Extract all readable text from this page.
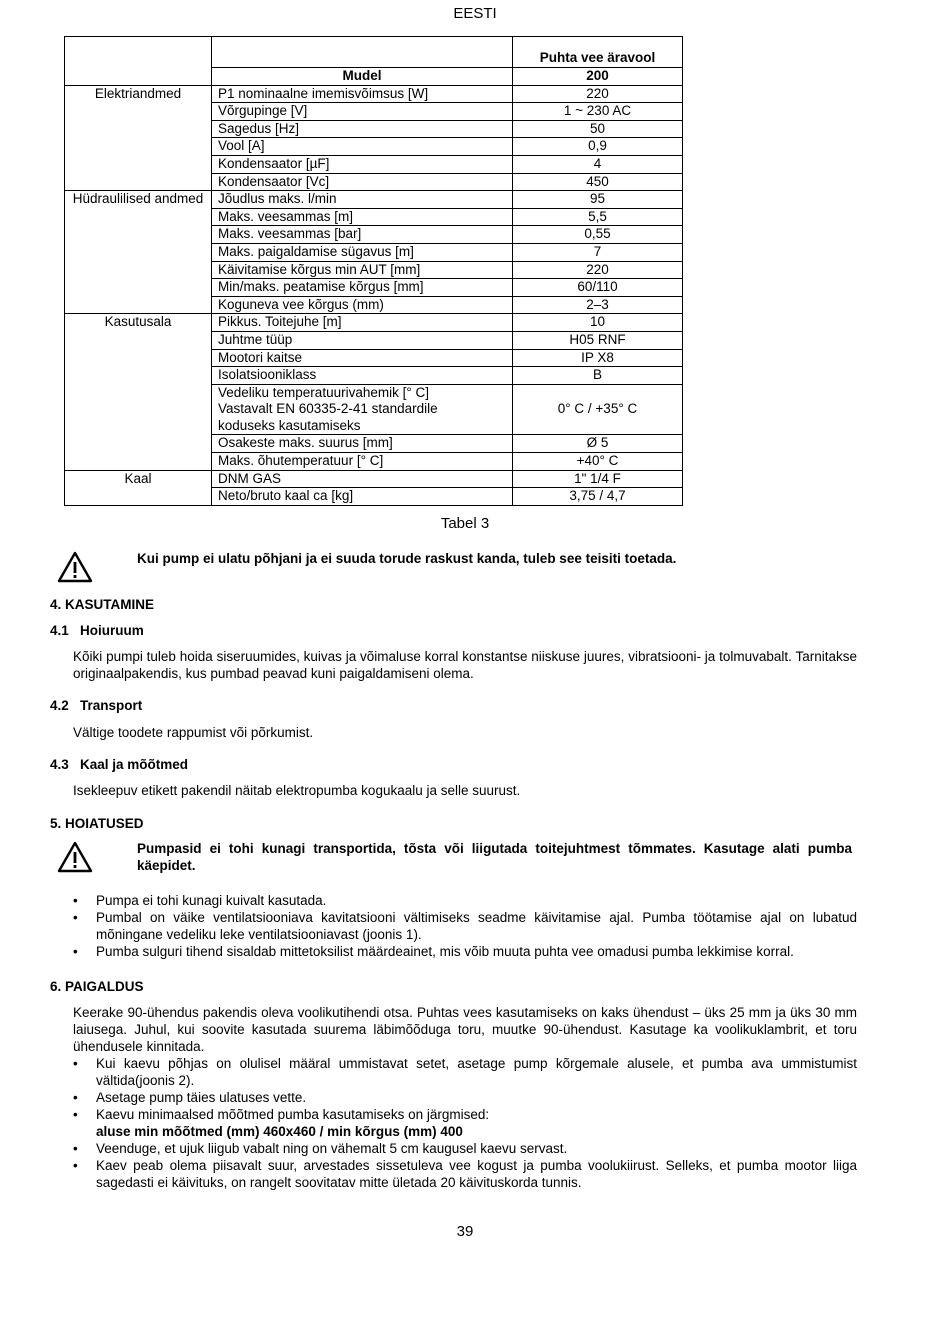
EESTI
		Puhta vee äravool
	Mudel	200
Elektriandmed	P1 nominaalne imemisvõimsus [W]	220
	Võrgupinge [V]	1 ~ 230 AC
	Sagedus [Hz]	50
	Vool [A]	0,9
	Kondensaator [µF]	4
	Kondensaator [Vc]	450
Hüdraulilised andmed	Jõudlus maks. l/min	95
	Maks. veesammas [m]	5,5
	Maks. veesammas [bar]	0,55
	Maks. paigaldamise sügavus [m]	7
	Käivitamise kõrgus min AUT [mm]	220
	Min/maks. peatamise kõrgus [mm]	60/110
	Koguneva vee kõrgus (mm)	2–3
Kasutusala	Pikkus. Toitejuhe [m]	10
	Juhtme tüüp	H05 RNF
	Mootori kaitse	IP X8
	Isolatsiooniklass	B
	Vedeliku temperatuurivahemik [° C]
Vastavalt EN 60335-2-41 standardile
koduseks kasutamiseks	0° C / +35° C
	Osakeste maks. suurus [mm]	Ø 5
	Maks. õhutemperatuur [° C]	+40° C
Kaal	DNM GAS	1" 1/4 F
	Neto/bruto kaal ca [kg]	3,75 / 4,7
Tabel 3
Kui pump ei ulatu põhjani ja ei suuda torude raskust kanda, tuleb see teisiti toetada.
4. KASUTAMINE
4.1   Hoiuruum
Kõiki pumpi tuleb hoida siseruumides, kuivas ja võimaluse korral konstantse niiskuse juures, vibratsiooni- ja tolmuvabalt. Tarnitakse originaalpakendis, kus pumbad peavad kuni paigaldamiseni olema.
4.2   Transport
Vältige toodete rappumist või põrkumist.
4.3   Kaal ja mõõtmed
Isekleepuv etikett pakendil näitab elektropumba kogukaalu ja selle suurust.
5. HOIATUSED
Pumpasid ei tohi kunagi transportida, tõsta või liigutada toitejuhtmest tõmmates. Kasutage alati pumba käepidet.
• Pumpa ei tohi kunagi kuivalt kasutada.
• Pumbal on väike ventilatsiooniava kavitatsiooni vältimiseks seadme käivitamise ajal. Pumba töötamise ajal on lubatud mõningane vedeliku leke ventilatsiooniavast (joonis 1).
• Pumba sulguri tihend sisaldab mittetoksilist määrdeainet, mis võib muuta puhta vee omadusi pumba lekkimise korral.
6. PAIGALDUS
Keerake 90-ühendus pakendis oleva voolikutihendi otsa. Puhtas vees kasutamiseks on kaks ühendust – üks 25 mm ja üks 30 mm laiusega. Juhul, kui soovite kasutada suurema läbimõõduga toru, muutke 90-ühendust. Kasutage ka voolikuklambrit, et toru ühendusele kinnitada.
• Kui kaevu põhjas on olulisel määral ummistavat setet, asetage pump kõrgemale alusele, et pumba ava ummistumist vältida(joonis 2).
• Asetage pump täies ulatuses vette.
• Kaevu minimaalsed mõõtmed pumba kasutamiseks on järgmised:
aluse min mõõtmed (mm) 460x460 / min kõrgus (mm) 400
• Veenduge, et ujuk liigub vabalt ning on vähemalt 5 cm kaugusel kaevu servast.
• Kaev peab olema piisavalt suur, arvestades sissetuleva vee kogust ja pumba voolukiirust. Selleks, et pumba mootor liiga sagedasti ei käivituks, on rangelt soovitatav mitte ületada 20 käivituskorda tunnis.
39
